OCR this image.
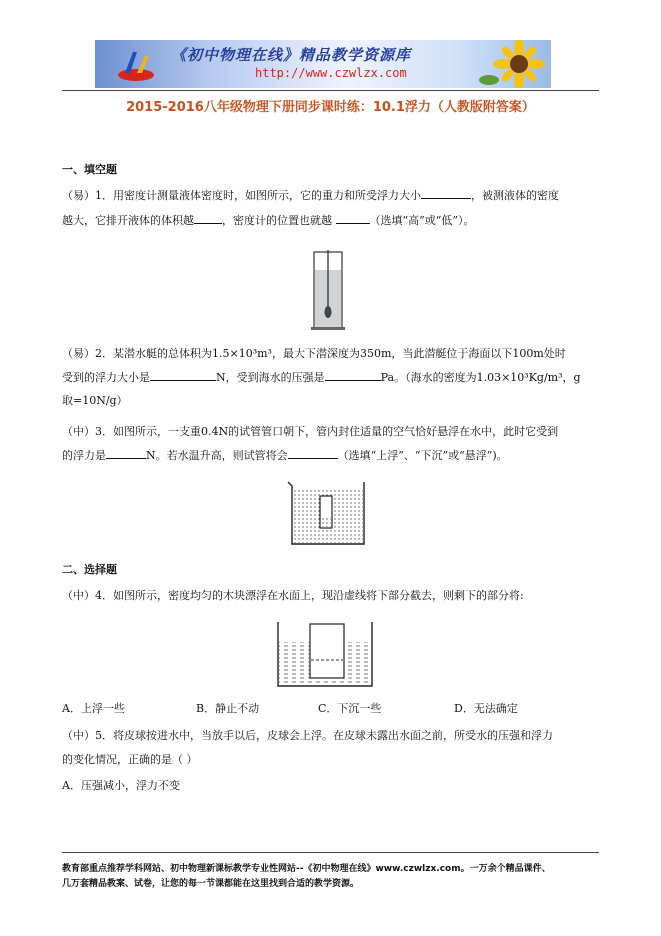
《初中物理在线》精品教学资源库
http://www.czwlzx.com
2015-2016八年级物理下册同步课时练：10.1浮力（人教版附答案）
一、填空题
（易）1．用密度计测量液体密度时，如图所示，它的重力和所受浮力大小	，被测液体的密度
越大，它排开液体的体积越	，密度计的位置也就越	（选填“高”或“低”）。
（易）2．某潜水艇的总体积为1.5×10³m³，最大下潜深度为350m，当此潜艇位于海面以下100m处时
受到的浮力大小是	N，受到海水的压强是	Pa。（海水的密度为1.03×10³Kg/m³，g
取=10N/g）
（中）3．如图所示，一支重0.4N的试管管口朝下，管内封住适量的空气恰好悬浮在水中，此时它受到
的浮力是	N。若水温升高，则试管将会	（选填“上浮”、“下沉”或“悬浮”)。
二、选择题
（中）4．如图所示，密度均匀的木块漂浮在水面上，现沿虚线将下部分截去，则剩下的部分将:
A．上浮一些	B．静止不动	C．下沉一些	D．无法确定
（中）5．将皮球按进水中，当放手以后，皮球会上浮。在皮球未露出水面之前，所受水的压强和浮力
的变化情况，正确的是（ ）
A．压强减小，浮力不变
教育部重点推荐学科网站、初中物理新课标教学专业性网站--《初中物理在线》www.czwlzx.com。一万余个精品课件、
几万套精品教案、试卷，让您的每一节课都能在这里找到合适的教学资源。
